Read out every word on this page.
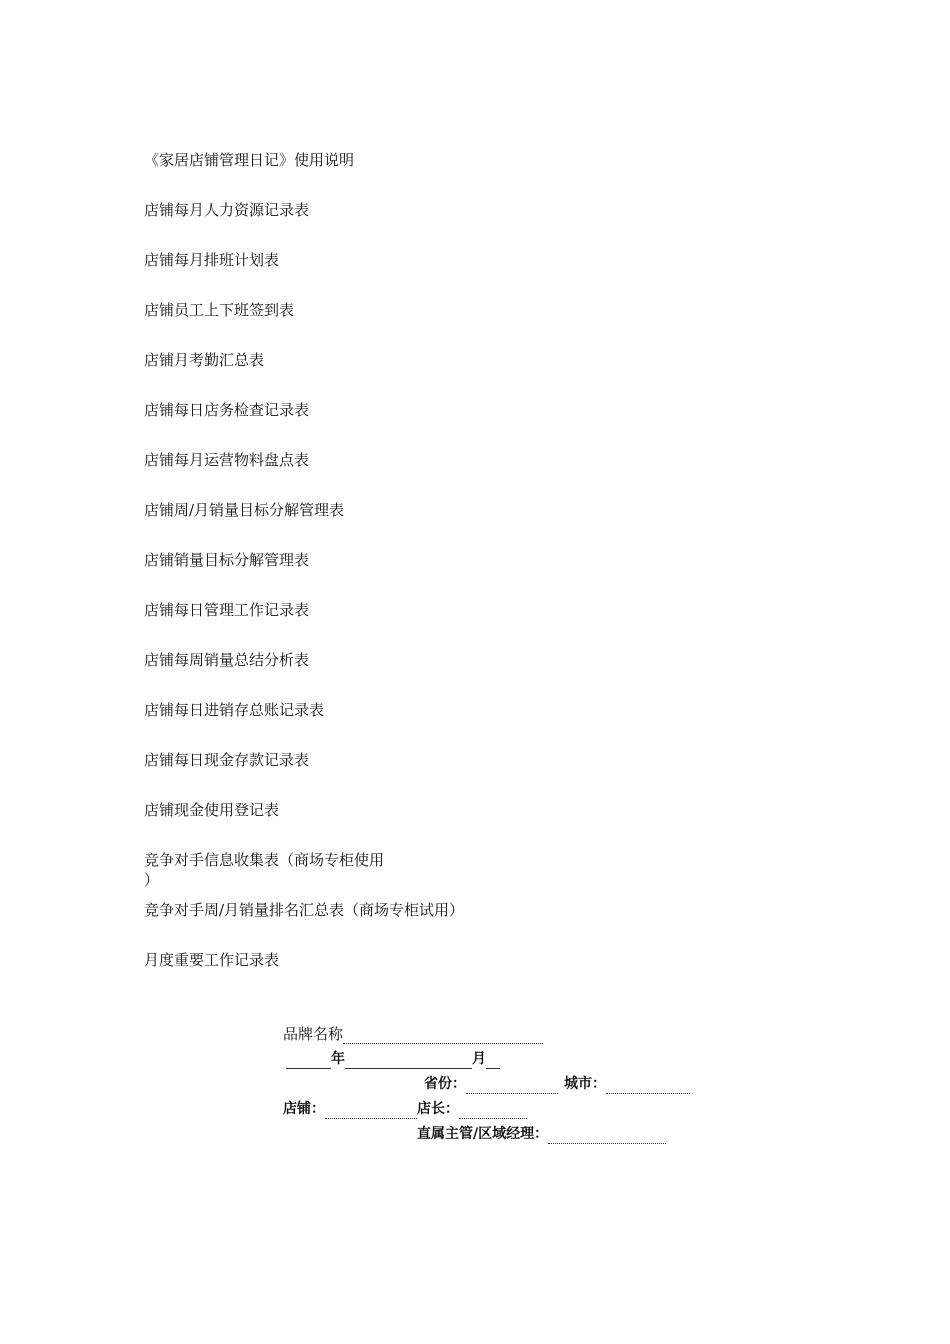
《家居店铺管理日记》使用说明
店铺每月人力资源记录表
店铺每月排班计划表
店铺员工上下班签到表
店铺月考勤汇总表
店铺每日店务检查记录表
店铺每月运营物料盘点表
店铺周/月销量目标分解管理表
店铺销量目标分解管理表
店铺每日管理工作记录表
店铺每周销量总结分析表
店铺每日进销存总账记录表
店铺每日现金存款记录表
店铺现金使用登记表
竞争对手信息收集表（商场专柜使用
）
竞争对手周/月销量排名汇总表（商场专柜试用）
月度重要工作记录表
品牌名称
年	月
省份：	城市：
店铺：	店长：
直属主管/区域经理：
